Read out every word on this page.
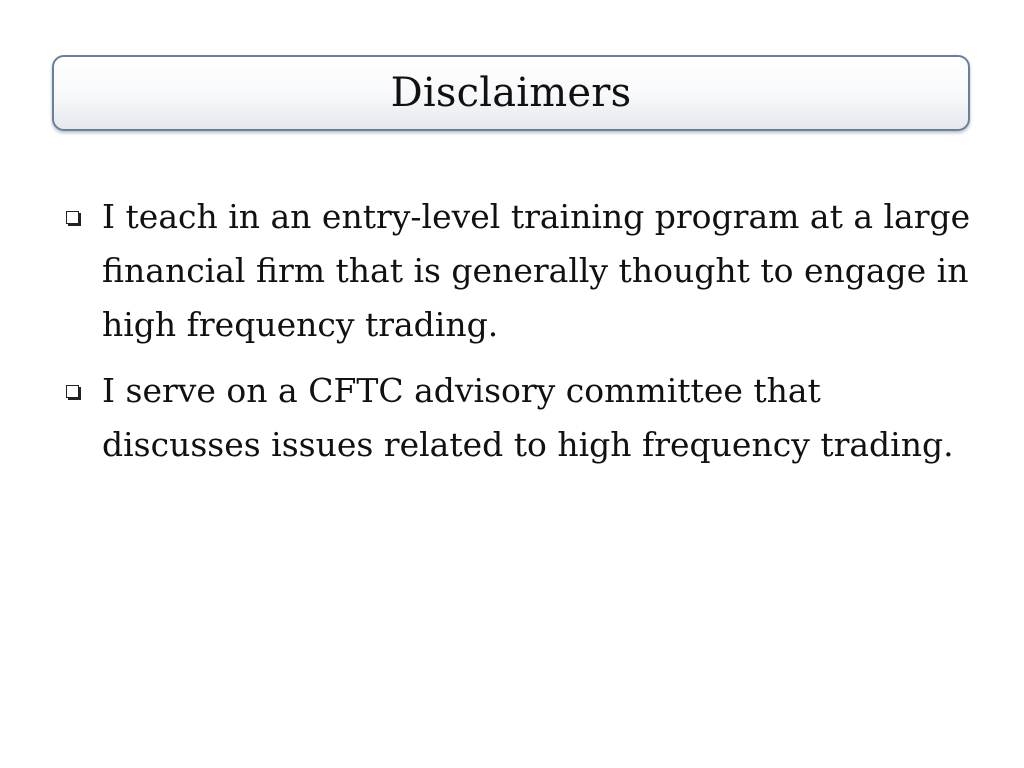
Disclaimers
I teach in an entry-level training program at a large financial firm that is generally thought to engage in high frequency trading.
I serve on a CFTC advisory committee that discusses issues related to high frequency trading.
